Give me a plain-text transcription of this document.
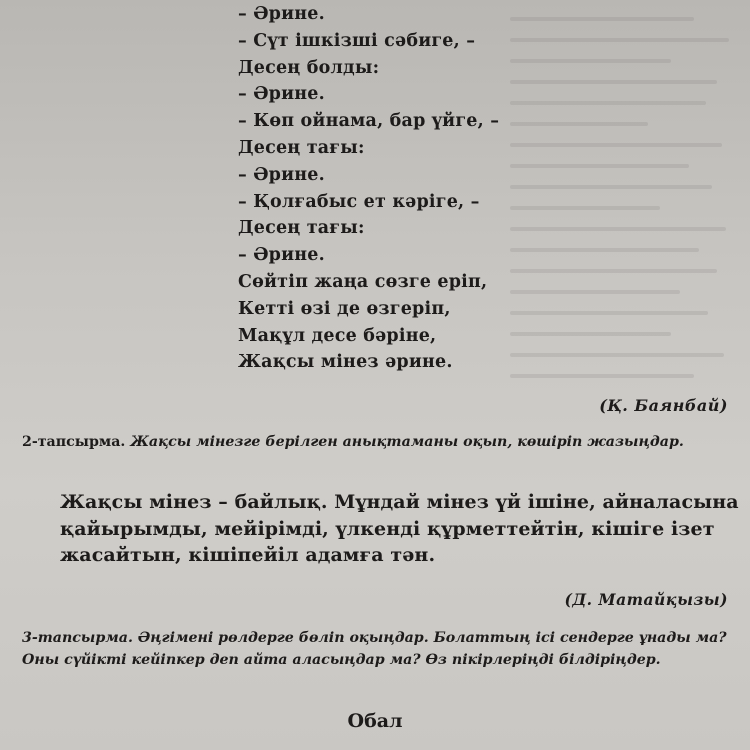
– Әрине.
– Сүт ішкізші сәбиге, –
Десең болды:
– Әрине.
– Көп ойнама, бар үйге, –
Десең тағы:
– Әрине.
– Қолғабыс ет кәріге, –
Десең тағы:
– Әрине.
Сөйтіп жаңа сөзге еріп,
Кетті өзі де өзгеріп,
Мақұл десе бәріне,
Жақсы мінез әрине.
(Қ. Баянбай)

2-тапсырма. Жақсы мінезге берілген анықтаманы оқып, көшіріп жазыңдар.

Жақсы мінез – байлық. Мұндай мінез үй ішіне, айналасына қайырымды, мейірімді, үлкенді құрметтейтін, кішіге ізет жасайтын, кішіпейіл адамға тән.

(Д. Матайқызы)

3-тапсырма. Әңгімені рөлдерге бөліп оқыңдар. Болаттың ісі сендерге ұнады ма? Оны сүйікті кейіпкер деп айта аласыңдар ма? Өз пікірлеріңді білдіріңдер.

Обал
